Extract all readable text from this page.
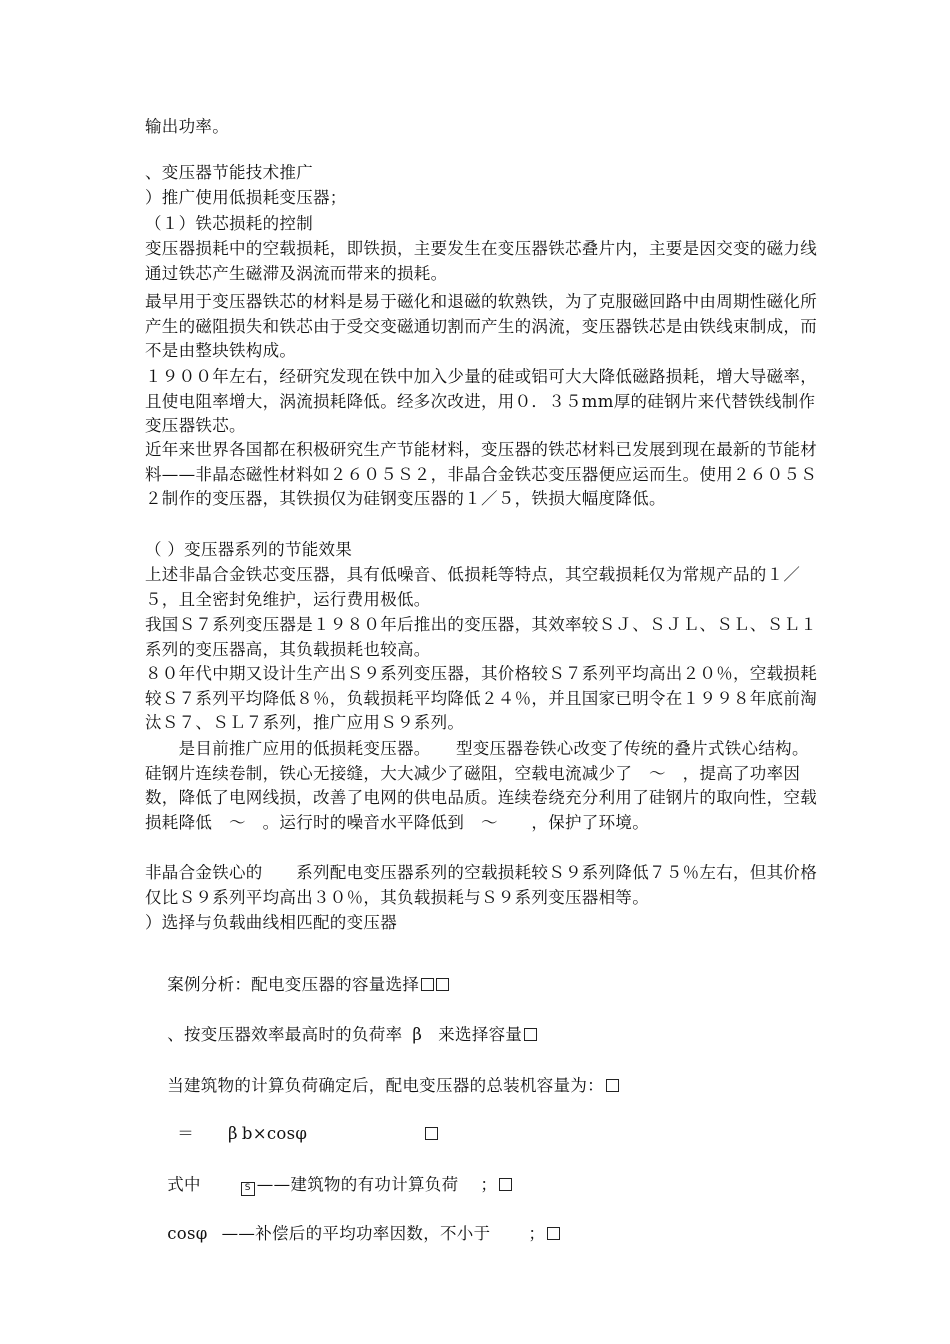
输出功率。
、变压器节能技术推广
）推广使用低损耗变压器；
（１）铁芯损耗的控制
变压器损耗中的空载损耗，即铁损，主要发生在变压器铁芯叠片内，主要是因交变的磁力线通过铁芯产生磁滞及涡流而带来的损耗。
最早用于变压器铁芯的材料是易于磁化和退磁的软熟铁，为了克服磁回路中由周期性磁化所产生的磁阻损失和铁芯由于受交变磁通切割而产生的涡流，变压器铁芯是由铁线束制成，而不是由整块铁构成。
１９００年左右，经研究发现在铁中加入少量的硅或铝可大大降低磁路损耗，增大导磁率，且使电阻率增大，涡流损耗降低。经多次改进，用０．３５mm厚的硅钢片来代替铁线制作变压器铁芯。
近年来世界各国都在积极研究生产节能材料，变压器的铁芯材料已发展到现在最新的节能材料——非晶态磁性材料如２６０５Ｓ２，非晶合金铁芯变压器便应运而生。使用２６０５Ｓ２制作的变压器，其铁损仅为硅钢变压器的１／５，铁损大幅度降低。
（ ）变压器系列的节能效果
上述非晶合金铁芯变压器，具有低噪音、低损耗等特点，其空载损耗仅为常规产品的１／５，且全密封免维护，运行费用极低。
我国Ｓ７系列变压器是１９８０年后推出的变压器，其效率较ＳＪ、ＳＪＬ、ＳＬ、ＳＬ１系列的变压器高，其负载损耗也较高。
８０年代中期又设计生产出Ｓ９系列变压器，其价格较Ｓ７系列平均高出２０％，空载损耗较Ｓ７系列平均降低８％，负载损耗平均降低２４％，并且国家已明令在１９９８年底前淘汰Ｓ７、ＳＬ７系列，推广应用Ｓ９系列。
　　是目前推广应用的低损耗变压器。　　型变压器卷铁心改变了传统的叠片式铁心结构。硅钢片连续卷制，铁心无接缝，大大减少了磁阻，空载电流减少了　～　，提高了功率因数，降低了电网线损，改善了电网的供电品质。连续卷绕充分利用了硅钢片的取向性，空载损耗降低　～　。运行时的噪音水平降低到　～　　，保护了环境。
非晶合金铁心的　　系列配电变压器系列的空载损耗较Ｓ９系列降低７５％左右，但其价格仅比Ｓ９系列平均高出３０％，其负载损耗与Ｓ９系列变压器相等。
）选择与负载曲线相匹配的变压器

案例分析：配电变压器的容量选择

、按变压器效率最高时的负荷率 β 来选择容量

当建筑物的计算负荷确定后，配电变压器的总装机容量为：

＝ β b×cosφ

式中	S ——建筑物的有功计算负荷 ；

cosφ ——补偿后的平均功率因数，不小于 ；
